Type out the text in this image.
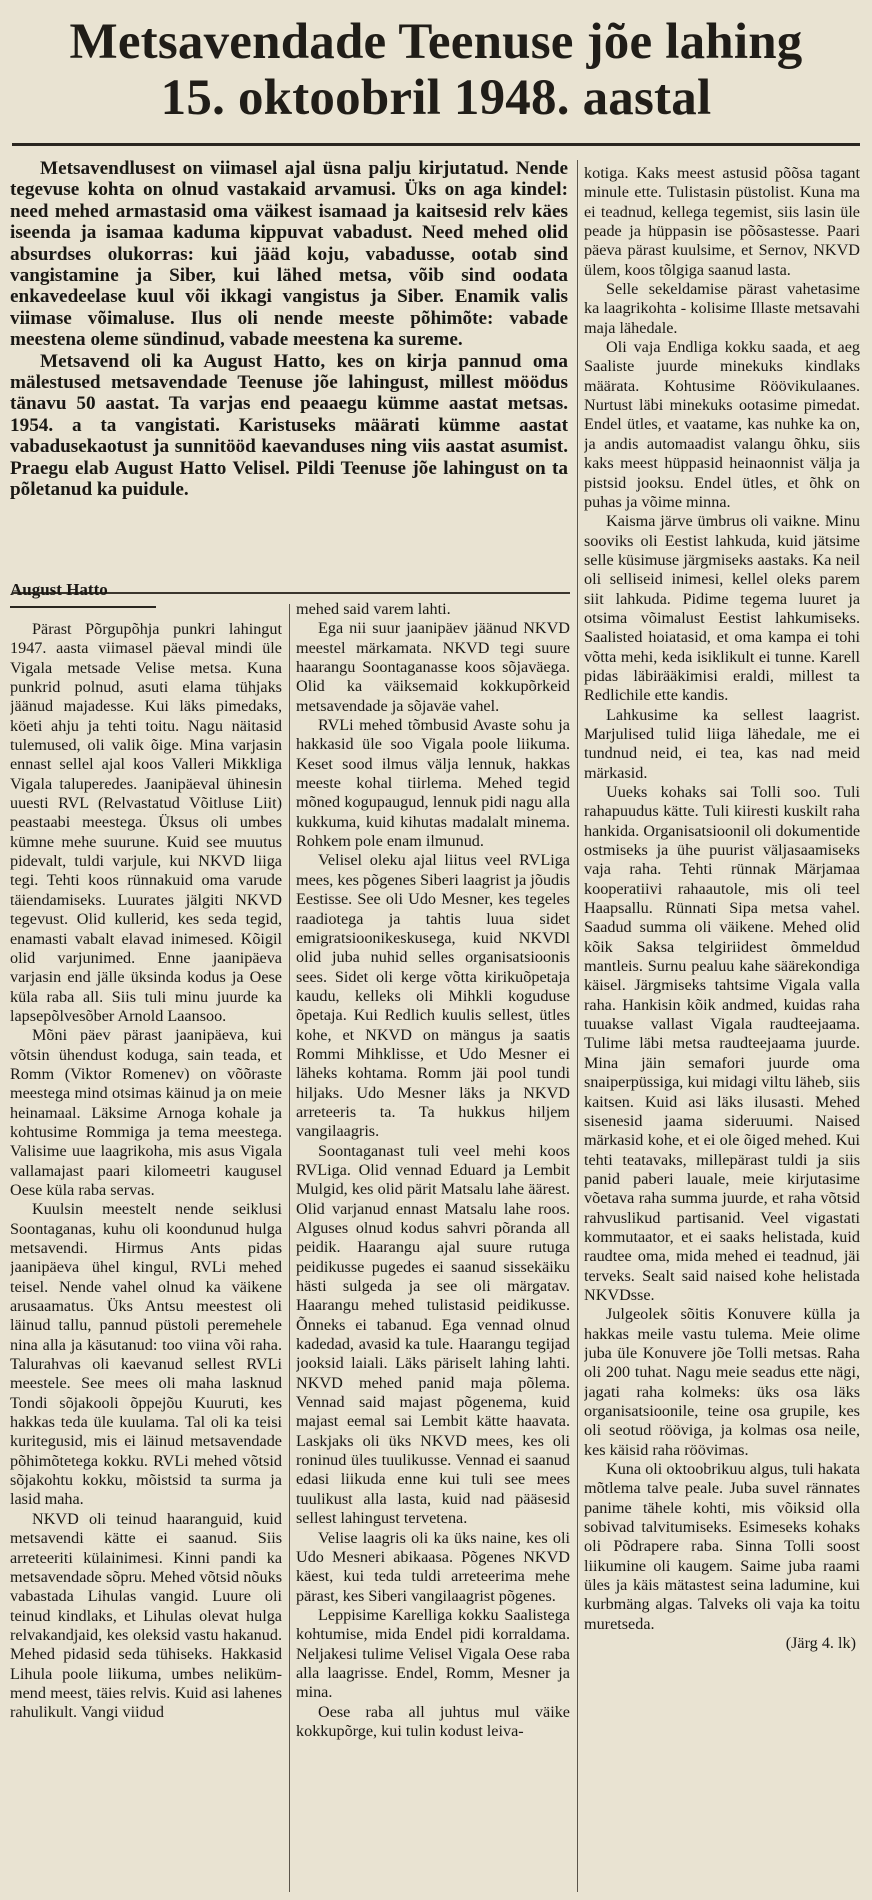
Metsavendade Teenuse jõe lahing
15. oktoobril 1948. aastal

Metsavendlusest on viimasel ajal üsna palju kirjutatud. Nende tegevuse kohta on olnud vastakaid arvamusi. Üks on aga kindel: need mehed armastasid oma väikest isamaad ja kaitsesid relv käes iseenda ja isamaa kaduma kippuvat vabadust. Need mehed olid absurdses olukorras: kui jääd koju, vabadusse, ootab sind vangistamine ja Siber, kui lähed metsa, võib sind oodata enkavedeelase kuul või ikkagi vangistus ja Siber. Enamik valis viimase võimaluse. Ilus oli nende meeste põhimõte: vabade meestena oleme sündinud, vabade meestena ka sureme.

Metsavend oli ka August Hatto, kes on kirja pannud oma mälestused metsavendade Teenuse jõe lahingust, millest möödus tänavu 50 aastat. Ta varjas end peaaegu kümme aastat metsas. 1954. a ta vangistati. Karistuseks määrati kümme aastat vabadusekaotust ja sunnitööd kaevanduses ning viis aastat asumist. Praegu elab August Hatto Velisel. Pildi Teenuse jõe lahingust on ta põletanud ka puidule.

August Hatto

Pärast Põrgupõhja punkri lahingut 1947. aasta viimasel päeval mindi üle Vigala metsade Velise metsa. Kuna punkrid polnud, asuti elama tühjaks jäänud majadesse. Kui läks pimedaks, köeti ahju ja tehti toitu. Nagu näitasid tulemused, oli valik õige. Mina varjasin ennast sellel ajal koos Valleri Mikkliga Vigala taluperedes. Jaanipäeval ühinesin uuesti RVL (Relvastatud Võitluse Liit) peastaabi meestega. Üksus oli umbes kümne mehe suurune. Kuid see muutus pidevalt, tuldi varjule, kui NKVD liiga tegi. Tehti koos rünnakuid oma varude täiendamiseks. Luurates jälgiti NKVD tegevust. Olid kullerid, kes seda tegid, enamasti vabalt elavad inimesed. Kõigil olid varjunimed. Enne jaanipäeva varjasin end jälle üksinda kodus ja Oese küla raba all. Siis tuli minu juurde ka lapsepõlvesõber Arnold Laansoo.

Mõni päev pärast jaanipäeva, kui võtsin ühendust koduga, sain teada, et Romm (Viktor Romenev) on võõraste meestega mind otsimas käinud ja on meie heinamaal. Läksime Arnoga kohale ja kohtusime Rommiga ja tema meestega. Valisime uue laagrikoha, mis asus Vigala vallamajast paari kilomeetri kaugusel Oese küla raba servas.

Kuulsin meestelt nende seiklusi Soontaganas, kuhu oli koondunud hulga metsavendi. Hirmus Ants pidas jaanipäeva ühel kingul, RVLi mehed teisel. Nende vahel olnud ka väikene arusaamatus. Üks Antsu meestest oli läinud tallu, pannud püstoli peremehele nina alla ja käsutanud: too viina või raha. Talurahvas oli kaevanud sellest RVLi meestele. See mees oli maha lasknud Tondi sõjakooli õppejõu Kuuruti, kes hakkas teda üle kuulama. Tal oli ka teisi kuritegusid, mis ei läinud metsavendade põhimõtetega kokku. RVLi mehed võtsid sõjakohtu kokku, mõistsid ta surma ja lasid maha.

NKVD oli teinud haaranguid, kuid metsavendi kätte ei saanud. Siis arreteeriti külainimesi. Kinni pandi ka metsavendade sõpru. Mehed võtsid nõuks vabastada Lihulas vangid. Luure oli teinud kindlaks, et Lihulas olevat hulga relvakandjaid, kes oleksid vastu hakanud. Mehed pidasid seda tühiseks. Hakkasid Lihula poole liikuma, umbes nelikümmend meest, täies relvis. Kuid asi lahenes rahulikult. Vangi viidud

mehed said varem lahti.

Ega nii suur jaanipäev jäänud NKVD meestel märkamata. NKVD tegi suure haarangu Soontaganasse koos sõjaväega. Olid ka väiksemaid kokkupõrkeid metsavendade ja sõjaväe vahel.

RVLi mehed tõmbusid Avaste sohu ja hakkasid üle soo Vigala poole liikuma. Keset sood ilmus välja lennuk, hakkas meeste kohal tiirlema. Mehed tegid mõned kogupaugud, lennuk pidi nagu alla kukkuma, kuid kihutas madalalt minema. Rohkem pole enam ilmunud.

Velisel oleku ajal liitus veel RVLiga mees, kes põgenes Siberi laagrist ja jõudis Eestisse. See oli Udo Mesner, kes tegeles raadiotega ja tahtis luua sidet emigratsioonikeskusega, kuid NKVDl olid juba nuhid selles organisatsioonis sees. Sidet oli kerge võtta kirikuõpetaja kaudu, kelleks oli Mihkli koguduse õpetaja. Kui Redlich kuulis sellest, ütles kohe, et NKVD on mängus ja saatis Rommi Mihklisse, et Udo Mesner ei läheks kohtama. Romm jäi pool tundi hiljaks. Udo Mesner läks ja NKVD arreteeris ta. Ta hukkus hiljem vangilaagris.

Soontaganast tuli veel mehi koos RVLiga. Olid vennad Eduard ja Lembit Mulgid, kes olid pärit Matsalu lahe äärest. Olid varjanud ennast Matsalu lahe roos. Alguses olnud kodus sahvri põranda all peidik. Haarangu ajal suure rutuga peidikusse pugedes ei saanud sissekäiku hästi sulgeda ja see oli märgatav. Haarangu mehed tulistasid peidikusse. Õnneks ei tabanud. Ega vennad olnud kadedad, avasid ka tule. Haarangu tegijad jooksid laiali. Läks päriselt lahing lahti. NKVD mehed panid maja põlema. Vennad said majast põgenema, kuid majast eemal sai Lembit kätte haavata. Laskjaks oli üks NKVD mees, kes oli roninud üles tuulikusse. Vennad ei saanud edasi liikuda enne kui tuli see mees tuulikust alla lasta, kuid nad pääsesid sellest lahingust tervetena.

Velise laagris oli ka üks naine, kes oli Udo Mesneri abikaasa. Põgenes NKVD käest, kui teda tuldi arreteerima mehe pärast, kes Siberi vangilaagrist põgenes.

Leppisime Karelliga kokku Saalistega kohtumise, mida Endel pidi korraldama. Neljakesi tulime Velisel Vigala Oese raba alla laagrisse. Endel, Romm, Mesner ja mina.

Oese raba all juhtus mul väike kokkupõrge, kui tulin kodust leiva-

kotiga. Kaks meest astusid põõsa tagant minule ette. Tulistasin püstolist. Kuna ma ei teadnud, kellega tegemist, siis lasin üle peade ja hüppasin ise põõsastesse. Paari päeva pärast kuulsime, et Sernov, NKVD ülem, koos tõlgiga saanud lasta.

Selle sekeldamise pärast vahetasime ka laagrikohta - kolisime Illaste metsavahi maja lähedale.

Oli vaja Endliga kokku saada, et aeg Saaliste juurde minekuks kindlaks määrata. Kohtusime Röövikulaanes. Nurtust läbi minekuks ootasime pimedat. Endel ütles, et vaatame, kas nuhke ka on, ja andis automaadist valangu õhku, siis kaks meest hüppasid heinaonnist välja ja pistsid jooksu. Endel ütles, et õhk on puhas ja võime minna.

Kaisma järve ümbrus oli vaikne. Minu sooviks oli Eestist lahkuda, kuid jätsime selle küsimuse järgmiseks aastaks. Ka neil oli selliseid inimesi, kellel oleks parem siit lahkuda. Pidime tegema luuret ja otsima võimalust Eestist lahkumiseks. Saalisted hoiatasid, et oma kampa ei tohi võtta mehi, keda isiklikult ei tunne. Karell pidas läbirääkimisi eraldi, millest ta Redlichile ette kandis.

Lahkusime ka sellest laagrist. Marjulised tulid liiga lähedale, me ei tundnud neid, ei tea, kas nad meid märkasid.

Uueks kohaks sai Tolli soo. Tuli rahapuudus kätte. Tuli kiiresti kuskilt raha hankida. Organisatsioonil oli dokumentide ostmiseks ja ühe puurist väljasaamiseks vaja raha. Tehti rünnak Märjamaa kooperatiivi rahaautole, mis oli teel Haapsallu. Rünnati Sipa metsa vahel. Saadud summa oli väikene. Mehed olid kõik Saksa telgiriidest õmmeldud mantleis. Surnu pealuu kahe säärekondiga käisel. Järgmiseks tahtsime Vigala valla raha. Hankisin kõik andmed, kuidas raha tuuakse vallast Vigala raudteejaama. Tulime läbi metsa raudteejaama juurde. Mina jäin semafori juurde oma snaiperpüssiga, kui midagi viltu läheb, siis kaitsen. Kuid asi läks ilusasti. Mehed sisenesid jaama sideruumi. Naised märkasid kohe, et ei ole õiged mehed. Kui tehti teatavaks, millepärast tuldi ja siis panid paberi laualе, meie kirjutasime võetava raha summa juurde, et raha võtsid rahvuslikud partisanid. Veel vigastati kommutaator, et ei saaks helistada, kuid raudtee oma, mida mehed ei teadnud, jäi terveks. Sealt said naised kohe helistada NKVDsse.

Julgeolek sõitis Konuvere külla ja hakkas meile vastu tulema. Meie olime juba üle Konuvere jõe Tolli metsas. Raha oli 200 tuhat. Nagu meie seadus ette nägi, jagati raha kolmeks: üks osa läks organisatsioonile, teine osa grupile, kes oli seotud rööviga, ja kolmas osa neile, kes käisid raha röövimas.

Kuna oli oktoobrikuu algus, tuli hakata mõtlema talve peale. Juba suvel rännates panime tähele kohti, mis võiksid olla sobivad talvitumiseks. Esimeseks kohaks oli Põdrapere raba. Sinna Tolli soost liikumine oli kaugem. Saime juba raami üles ja käis mätastest seina ladumine, kui kurbmäng algas. Talveks oli vaja ka toitu muretseda.

(Järg 4. lk)
